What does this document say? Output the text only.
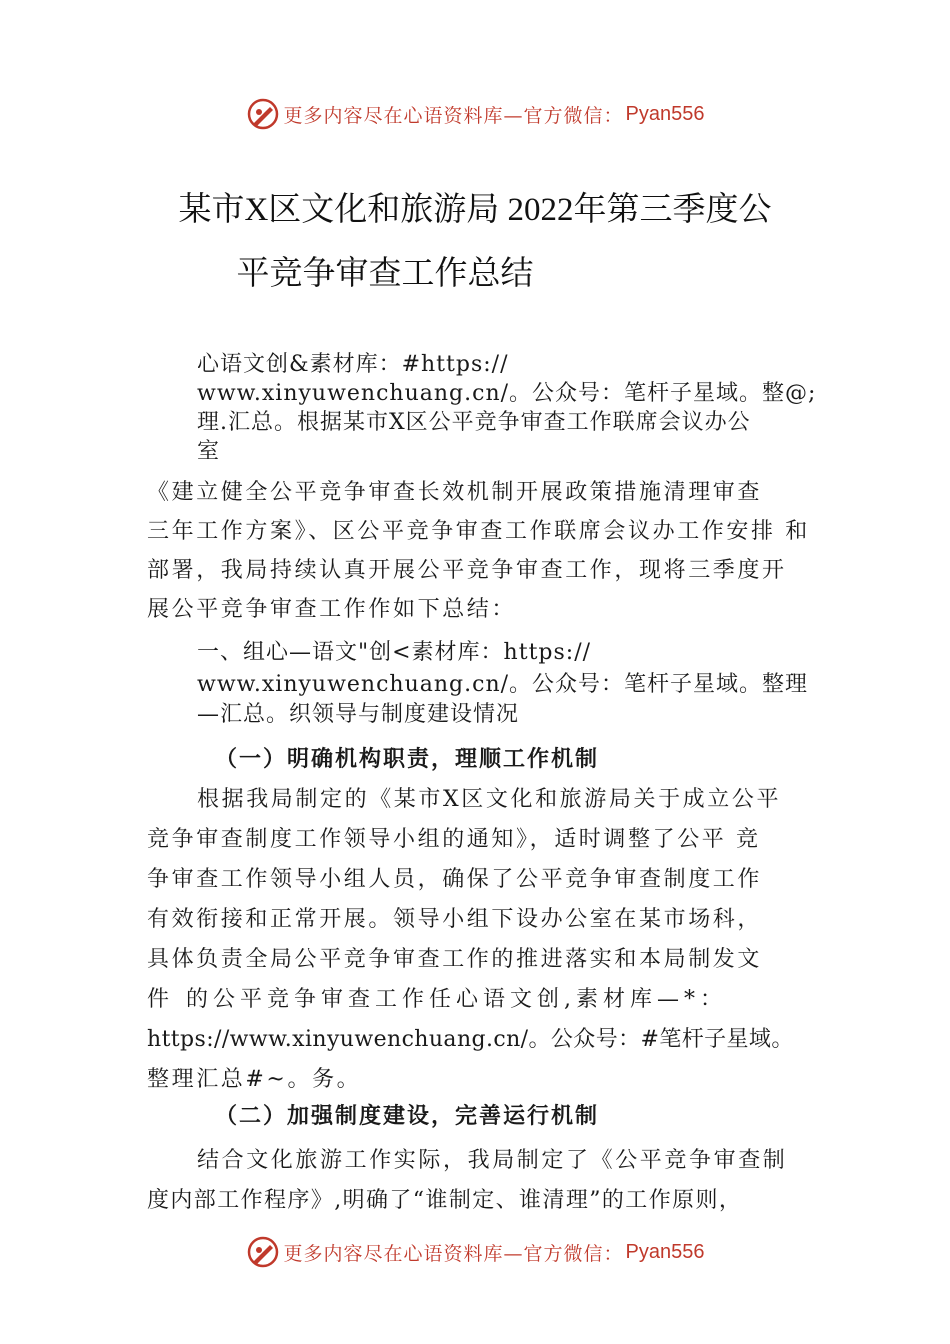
更多内容尽在心语资料库—官方微信： Pyan556
某市X区文化和旅游局 2022年第三季度公
平竞争审查工作总结
心语文创&素材库：#https://
www.xinyuwenchuang.cn/。公众号：笔杆子星域。整@;
理.汇总。根据某市X区公平竞争审查工作联席会议办公
室
《建立健全公平竞争审查长效机制开展政策措施清理审查
三年工作方案》、区公平竞争审查工作联席会议办工作安排 和
部署，我局持续认真开展公平竞争审查工作，现将三季度开
展公平竞争审查工作作如下总结：
一、组心—语文"创<素材库：https://
www.xinyuwenchuang.cn/。公众号：笔杆子星域。整理
—汇总。织领导与制度建设情况
（一）明确机构职责，理顺工作机制
根据我局制定的《某市X区文化和旅游局关于成立公平
竞争审查制度工作领导小组的通知》，适时调整了公平 竞
争审查工作领导小组人员，确保了公平竞争审查制度工作
有效衔接和正常开展。领导小组下设办公室在某市场科，
具体负责全局公平竞争审查工作的推进落实和本局制发文
件 的公平竞争审查工作任心语文创,素材库—*：
https://www.xinyuwenchuang.cn/。公众号：#笔杆子星域。
整理汇总#~。务。
（二）加强制度建设，完善运行机制
结合文化旅游工作实际，我局制定了《公平竞争审查制
度内部工作程序》,明确了“谁制定、谁清理”的工作原则，
更多内容尽在心语资料库—官方微信： Pyan556
